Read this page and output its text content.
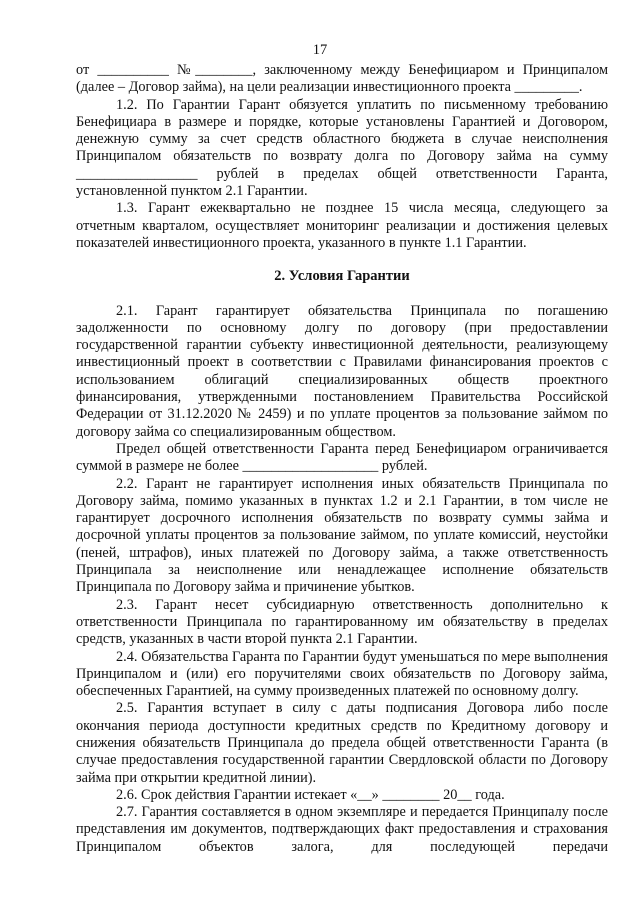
17

от __________ №________, заключенному между Бенефициаром и Принципалом (далее – Договор займа), на цели реализации инвестиционного проекта _________.

1.2. По Гарантии Гарант обязуется уплатить по письменному требованию Бенефициара в размере и порядке, которые установлены Гарантией и Договором, денежную сумму за счет средств областного бюджета в случае неисполнения Принципалом обязательств по возврату долга по Договору займа на сумму _________________ рублей в пределах общей ответственности Гаранта, установленной пунктом 2.1 Гарантии.

1.3. Гарант ежеквартально не позднее 15 числа месяца, следующего за отчетным кварталом, осуществляет мониторинг реализации и достижения целевых показателей инвестиционного проекта, указанного в пункте 1.1 Гарантии.

2. Условия Гарантии

2.1. Гарант гарантирует обязательства Принципала по погашению задолженности по основному долгу по договору (при предоставлении государственной гарантии субъекту инвестиционной деятельности, реализующему инвестиционный проект в соответствии с Правилами финансирования проектов с использованием облигаций специализированных обществ проектного финансирования, утвержденными постановлением Правительства Российской Федерации от 31.12.2020 № 2459) и по уплате процентов за пользование займом по договору займа со специализированным обществом.

Предел общей ответственности Гаранта перед Бенефициаром ограничивается суммой в размере не более ___________________ рублей.

2.2. Гарант не гарантирует исполнения иных обязательств Принципала по Договору займа, помимо указанных в пунктах 1.2 и 2.1 Гарантии, в том числе не гарантирует досрочного исполнения обязательств по возврату суммы займа и досрочной уплаты процентов за пользование займом, по уплате комиссий, неустойки (пеней, штрафов), иных платежей по Договору займа, а также ответственность Принципала за неисполнение или ненадлежащее исполнение обязательств Принципала по Договору займа и причинение убытков.

2.3. Гарант несет субсидиарную ответственность дополнительно к ответственности Принципала по гарантированному им обязательству в пределах средств, указанных в части второй пункта 2.1 Гарантии.

2.4. Обязательства Гаранта по Гарантии будут уменьшаться по мере выполнения Принципалом и (или) его поручителями своих обязательств по Договору займа, обеспеченных Гарантией, на сумму произведенных платежей по основному долгу.

2.5. Гарантия вступает в силу с даты подписания Договора либо после окончания периода доступности кредитных средств по Кредитному договору и снижения обязательств Принципала до предела общей ответственности Гаранта (в случае предоставления государственной гарантии Свердловской области по Договору займа при открытии кредитной линии).

2.6. Срок действия Гарантии истекает «__» ________ 20__ года.

2.7. Гарантия составляется в одном экземпляре и передается Принципалу после представления им документов, подтверждающих факт предоставления и страхования Принципалом объектов залога, для последующей передачи
